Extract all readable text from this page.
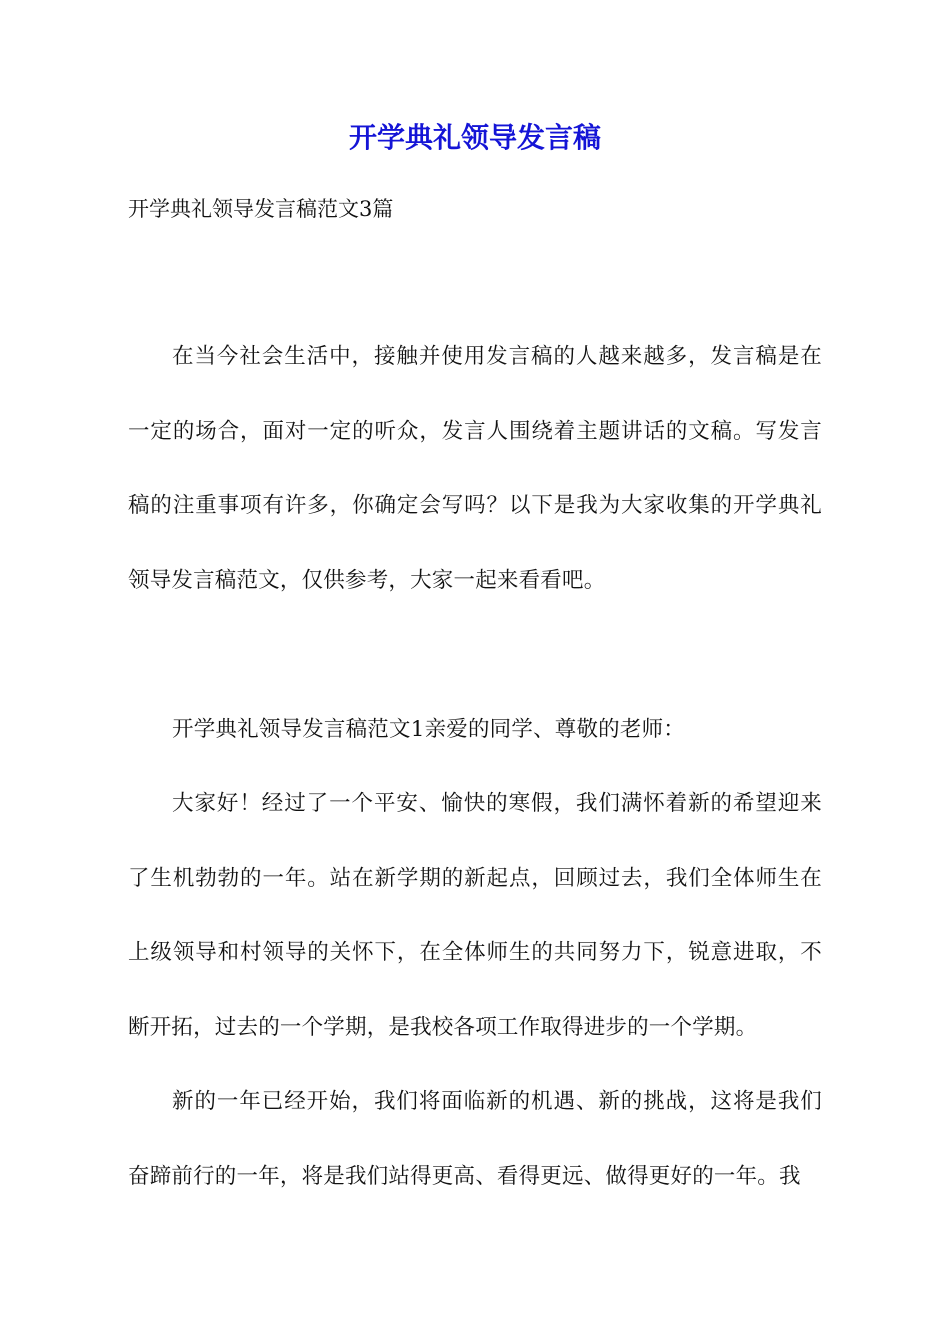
开学典礼领导发言稿

开学典礼领导发言稿范文3篇

在当今社会生活中，接触并使用发言稿的人越来越多，发言稿是在一定的场合，面对一定的听众，发言人围绕着主题讲话的文稿。写发言稿的注重事项有许多，你确定会写吗？以下是我为大家收集的开学典礼领导发言稿范文，仅供参考，大家一起来看看吧。

开学典礼领导发言稿范文1亲爱的同学、尊敬的老师：

大家好！经过了一个平安、愉快的寒假，我们满怀着新的希望迎来了生机勃勃的一年。站在新学期的新起点，回顾过去，我们全体师生在上级领导和村领导的关怀下，在全体师生的共同努力下，锐意进取，不断开拓，过去的一个学期，是我校各项工作取得进步的一个学期。

新的一年已经开始，我们将面临新的机遇、新的挑战，这将是我们奋蹄前行的一年，将是我们站得更高、看得更远、做得更好的一年。我
